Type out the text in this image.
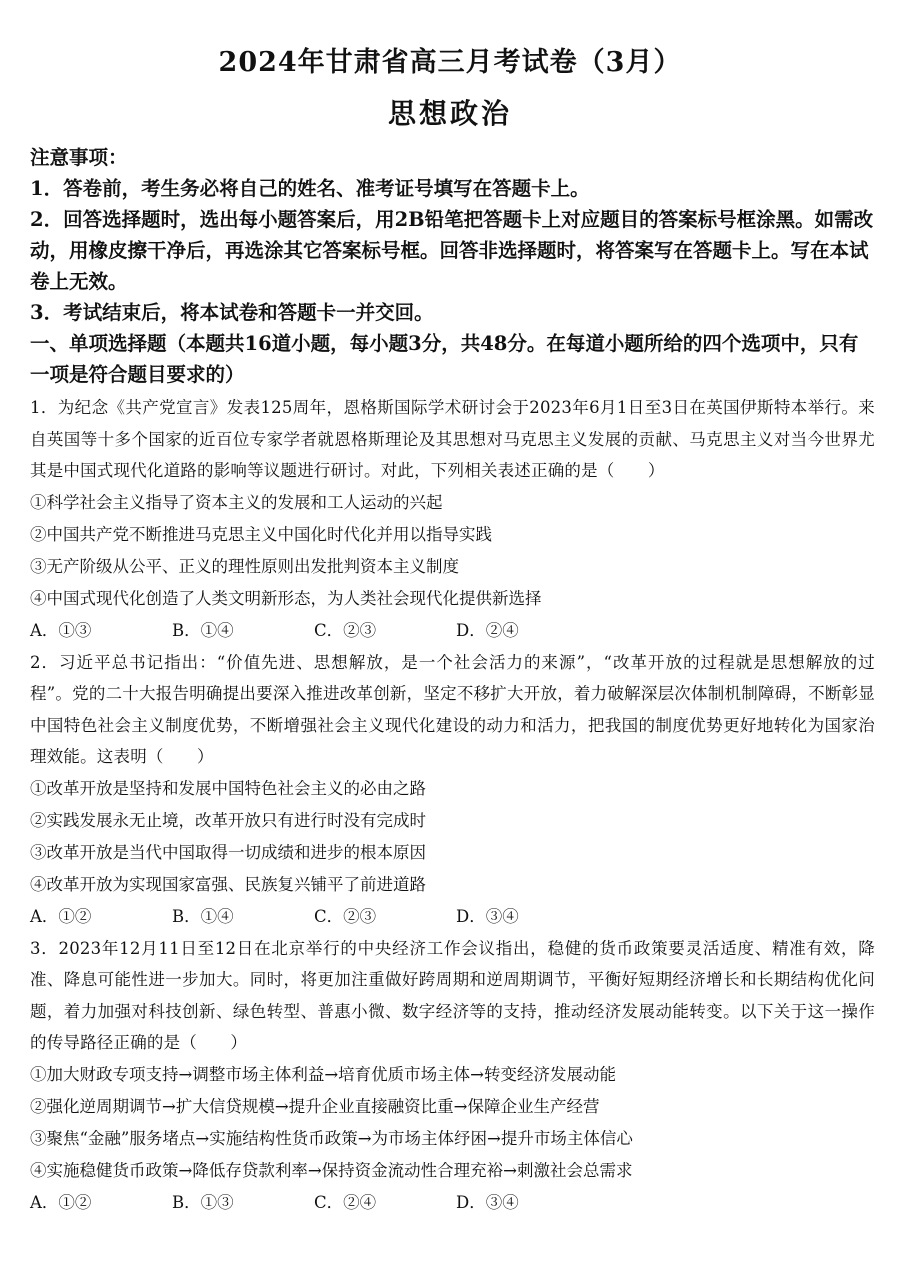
2024年甘肃省高三月考试卷（3月）
思想政治

注意事项：

1．答卷前，考生务必将自己的姓名、准考证号填写在答题卡上。

2．回答选择题时，选出每小题答案后，用2B铅笔把答题卡上对应题目的答案标号框涂黑。如需改动，用橡皮擦干净后，再选涂其它答案标号框。回答非选择题时，将答案写在答题卡上。写在本试卷上无效。

3．考试结束后，将本试卷和答题卡一并交回。

一、单项选择题（本题共16道小题，每小题3分，共48分。在每道小题所给的四个选项中，只有一项是符合题目要求的）

1．为纪念《共产党宣言》发表125周年，恩格斯国际学术研讨会于2023年6月1日至3日在英国伊斯特本举行。来自英国等十多个国家的近百位专家学者就恩格斯理论及其思想对马克思主义发展的贡献、马克思主义对当今世界尤其是中国式现代化道路的影响等议题进行研讨。对此，下列相关表述正确的是（　　）

①科学社会主义指导了资本主义的发展和工人运动的兴起

②中国共产党不断推进马克思主义中国化时代化并用以指导实践

③无产阶级从公平、正义的理性原则出发批判资本主义制度

④中国式现代化创造了人类文明新形态，为人类社会现代化提供新选择

A．①③	B．①④	C．②③	D．②④

2．习近平总书记指出：“价值先进、思想解放，是一个社会活力的来源”，“改革开放的过程就是思想解放的过程”。党的二十大报告明确提出要深入推进改革创新，坚定不移扩大开放，着力破解深层次体制机制障碍，不断彰显中国特色社会主义制度优势，不断增强社会主义现代化建设的动力和活力，把我国的制度优势更好地转化为国家治理效能。这表明（　　）

①改革开放是坚持和发展中国特色社会主义的必由之路

②实践发展永无止境，改革开放只有进行时没有完成时

③改革开放是当代中国取得一切成绩和进步的根本原因

④改革开放为实现国家富强、民族复兴铺平了前进道路

A．①②	B．①④	C．②③	D．③④

3．2023年12月11日至12日在北京举行的中央经济工作会议指出，稳健的货币政策要灵活适度、精准有效，降准、降息可能性进一步加大。同时，将更加注重做好跨周期和逆周期调节，平衡好短期经济增长和长期结构优化问题，着力加强对科技创新、绿色转型、普惠小微、数字经济等的支持，推动经济发展动能转变。以下关于这一操作的传导路径正确的是（　　）

①加大财政专项支持→调整市场主体利益→培育优质市场主体→转变经济发展动能

②强化逆周期调节→扩大信贷规模→提升企业直接融资比重→保障企业生产经营

③聚焦“金融”服务堵点→实施结构性货币政策→为市场主体纾困→提升市场主体信心

④实施稳健货币政策→降低存贷款利率→保持资金流动性合理充裕→刺激社会总需求

A．①②	B．①③	C．②④	D．③④
